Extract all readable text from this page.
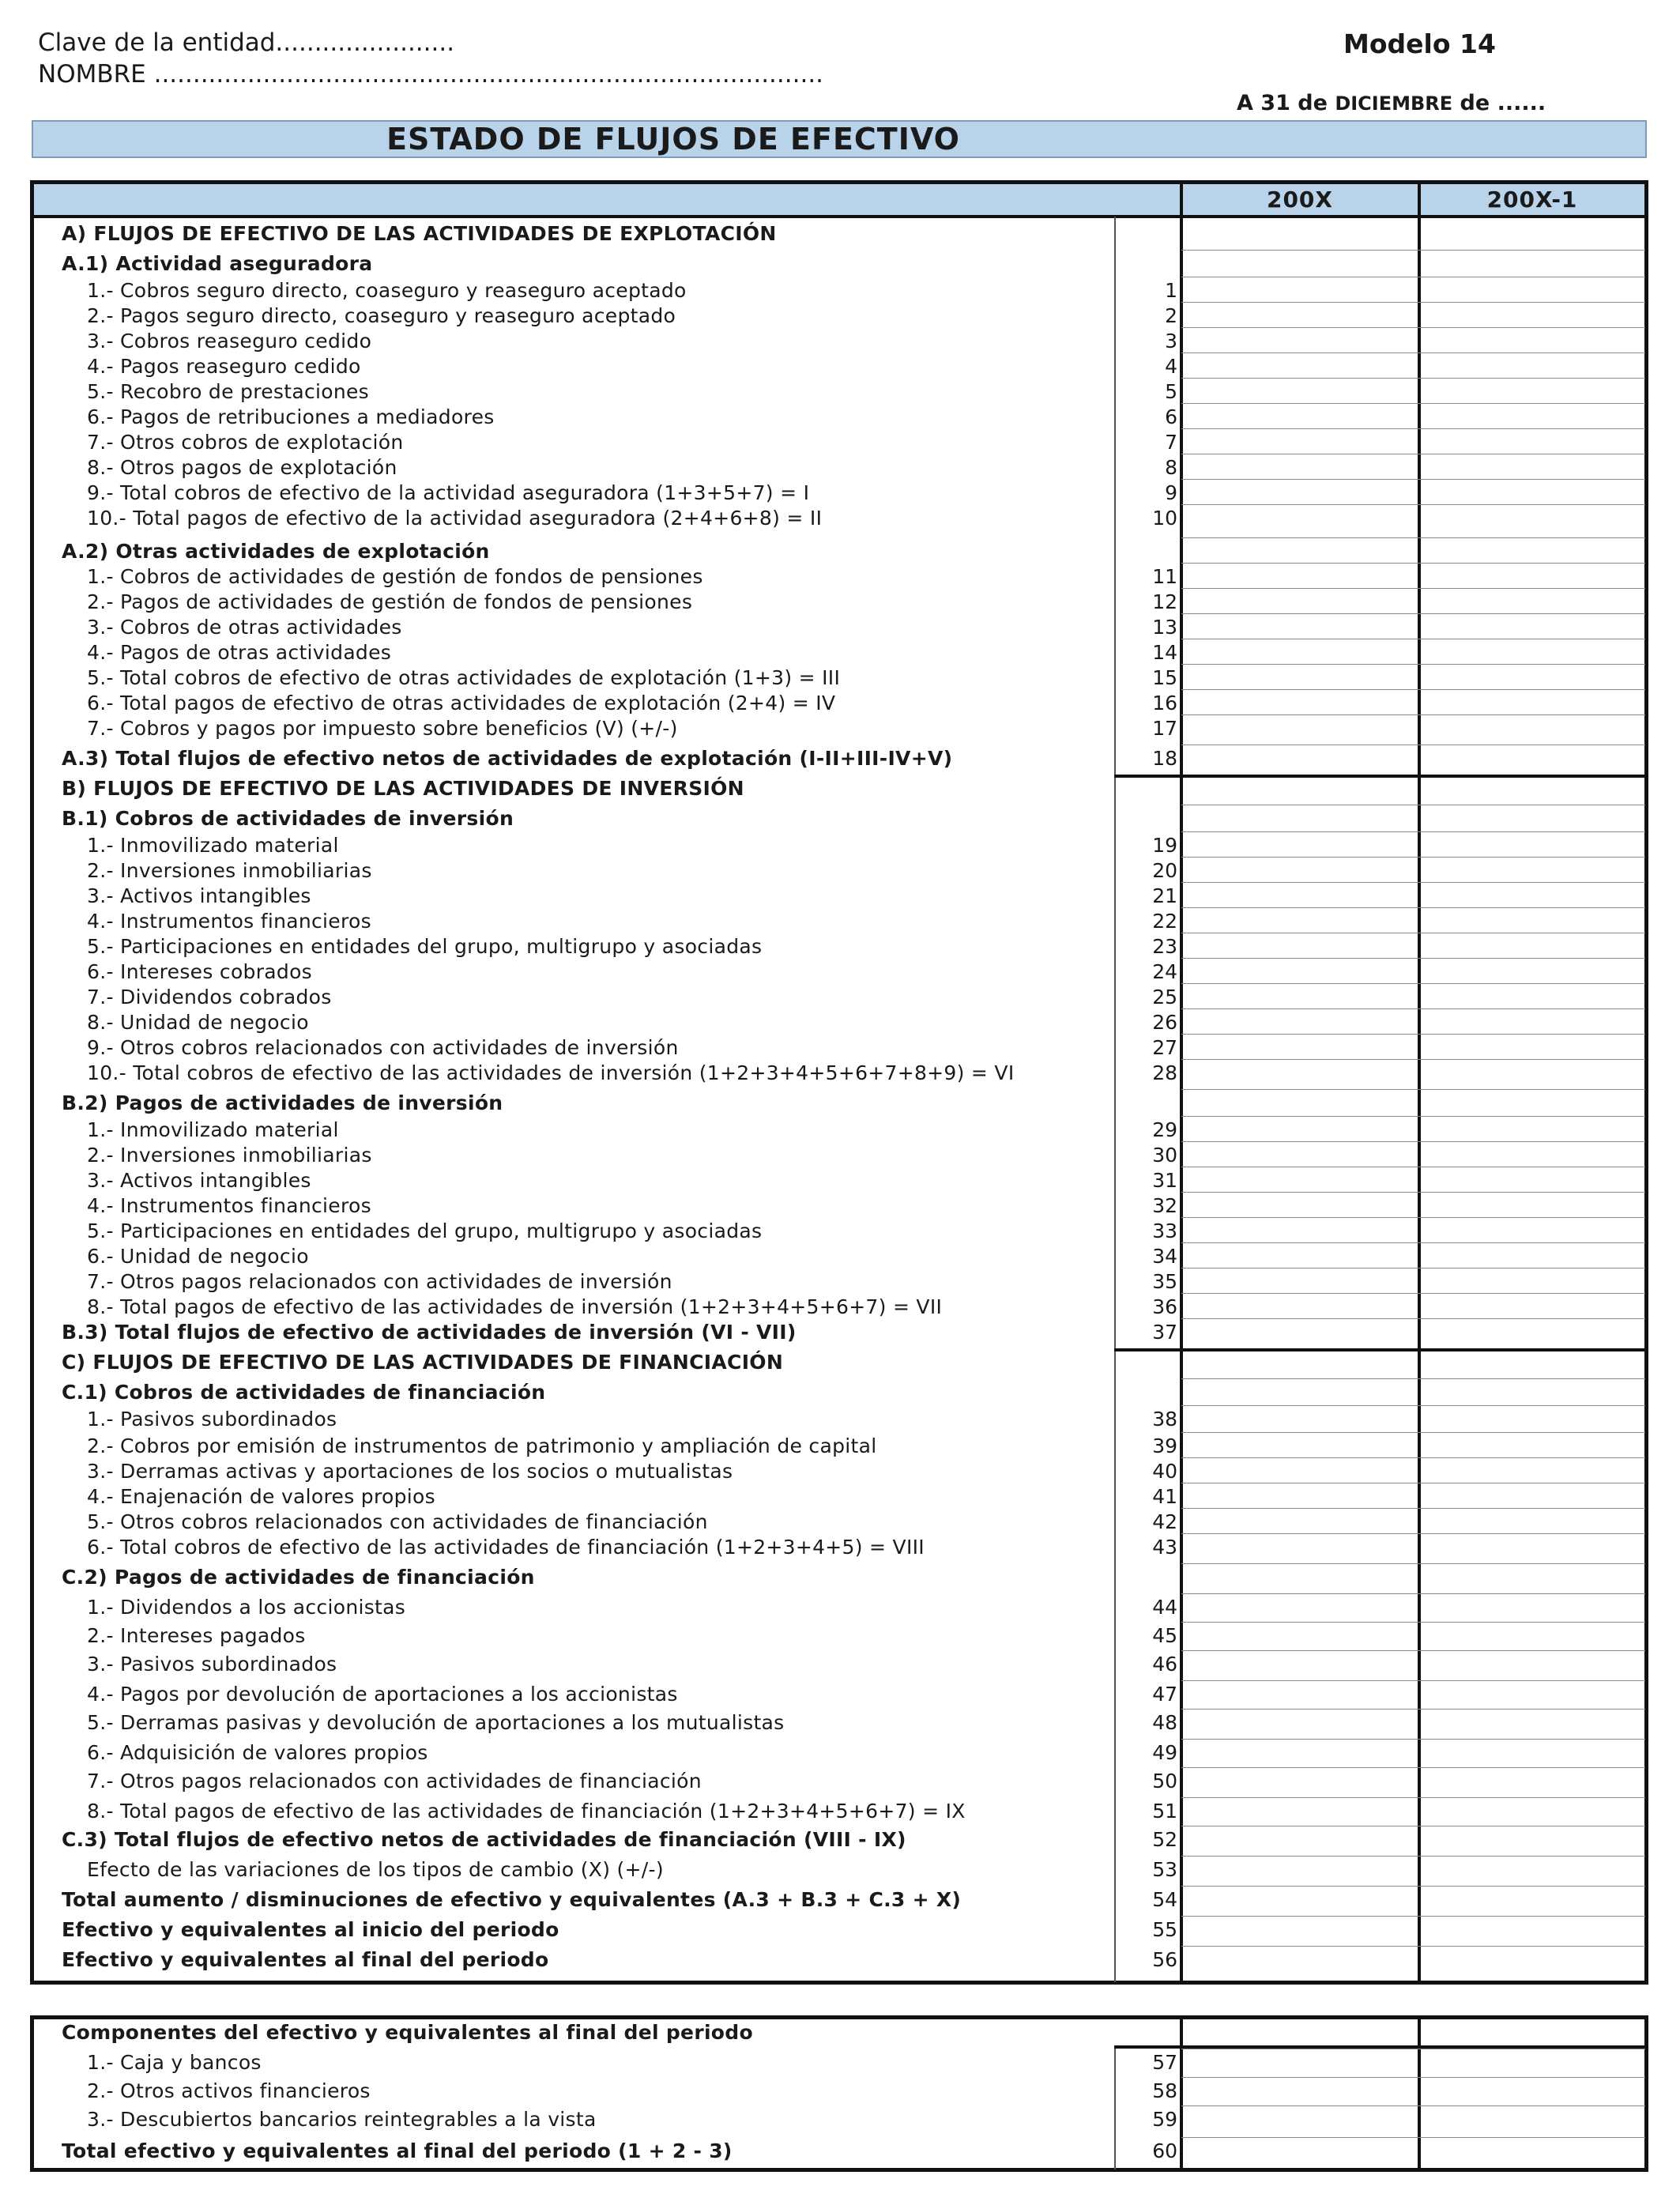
Clave de la entidad.......................
NOMBRE ......................................................................................
Modelo 14
A 31 de DICIEMBRE de ......
ESTADO DE FLUJOS DE EFECTIVO
200X	200X-1
A) FLUJOS DE EFECTIVO DE LAS ACTIVIDADES DE EXPLOTACIÓN
A.1) Actividad aseguradora
1.- Cobros seguro directo, coaseguro y reaseguro aceptado	1
2.- Pagos seguro directo, coaseguro y reaseguro aceptado	2
3.- Cobros reaseguro cedido	3
4.- Pagos reaseguro cedido	4
5.- Recobro de prestaciones	5
6.- Pagos de retribuciones a mediadores	6
7.- Otros cobros de explotación	7
8.- Otros pagos de explotación	8
9.- Total cobros de efectivo de la actividad aseguradora (1+3+5+7) = I	9
10.- Total pagos de efectivo de la actividad aseguradora (2+4+6+8) = II	10
A.2) Otras actividades de explotación
1.- Cobros de actividades de gestión de fondos de pensiones	11
2.- Pagos de actividades de gestión de fondos de pensiones	12
3.- Cobros de otras actividades	13
4.- Pagos de otras actividades	14
5.- Total cobros de efectivo de otras actividades de explotación (1+3) = III	15
6.- Total pagos de efectivo de otras actividades de explotación (2+4) = IV	16
7.- Cobros y pagos por impuesto sobre beneficios (V) (+/-)	17
A.3) Total flujos de efectivo netos de actividades de explotación (I-II+III-IV+V)	18
B) FLUJOS DE EFECTIVO DE LAS ACTIVIDADES DE INVERSIÓN
B.1) Cobros de actividades de inversión
1.- Inmovilizado material	19
2.- Inversiones inmobiliarias	20
3.- Activos intangibles	21
4.- Instrumentos financieros	22
5.- Participaciones en entidades del grupo, multigrupo y asociadas	23
6.- Intereses cobrados	24
7.- Dividendos cobrados	25
8.- Unidad de negocio	26
9.- Otros cobros relacionados con actividades de inversión	27
10.- Total cobros de efectivo de las actividades de inversión (1+2+3+4+5+6+7+8+9) = VI	28
B.2) Pagos de actividades de inversión
1.- Inmovilizado material	29
2.- Inversiones inmobiliarias	30
3.- Activos intangibles	31
4.- Instrumentos financieros	32
5.- Participaciones en entidades del grupo, multigrupo y asociadas	33
6.- Unidad de negocio	34
7.- Otros pagos relacionados con actividades de inversión	35
8.- Total pagos de efectivo de las actividades de inversión (1+2+3+4+5+6+7) = VII	36
B.3) Total flujos de efectivo de actividades de inversión (VI - VII)	37
C) FLUJOS DE EFECTIVO DE LAS ACTIVIDADES DE FINANCIACIÓN
C.1) Cobros de actividades de financiación
1.- Pasivos subordinados	38
2.- Cobros por emisión de instrumentos de patrimonio y ampliación de capital	39
3.- Derramas activas y aportaciones de los socios o mutualistas	40
4.- Enajenación de valores propios	41
5.- Otros cobros relacionados con actividades de financiación	42
6.- Total cobros de efectivo de las actividades de financiación (1+2+3+4+5) = VIII	43
C.2) Pagos de actividades de financiación
1.- Dividendos a los accionistas	44
2.- Intereses pagados	45
3.- Pasivos subordinados	46
4.- Pagos por devolución de aportaciones a los accionistas	47
5.- Derramas pasivas y devolución de aportaciones a los mutualistas	48
6.- Adquisición de valores propios	49
7.- Otros pagos relacionados con actividades de financiación	50
8.- Total pagos de efectivo de las actividades de financiación (1+2+3+4+5+6+7) = IX	51
C.3) Total flujos de efectivo netos de actividades de financiación (VIII - IX)	52
Efecto de las variaciones de los tipos de cambio (X) (+/-)	53
Total aumento / disminuciones de efectivo y equivalentes (A.3 + B.3 + C.3 + X)	54
Efectivo y equivalentes al inicio del periodo	55
Efectivo y equivalentes al final del periodo	56
Componentes del efectivo y equivalentes al final del periodo
1.- Caja y bancos	57
2.- Otros activos financieros	58
3.- Descubiertos bancarios reintegrables a la vista	59
Total efectivo y equivalentes al final del periodo (1 + 2 - 3)	60
